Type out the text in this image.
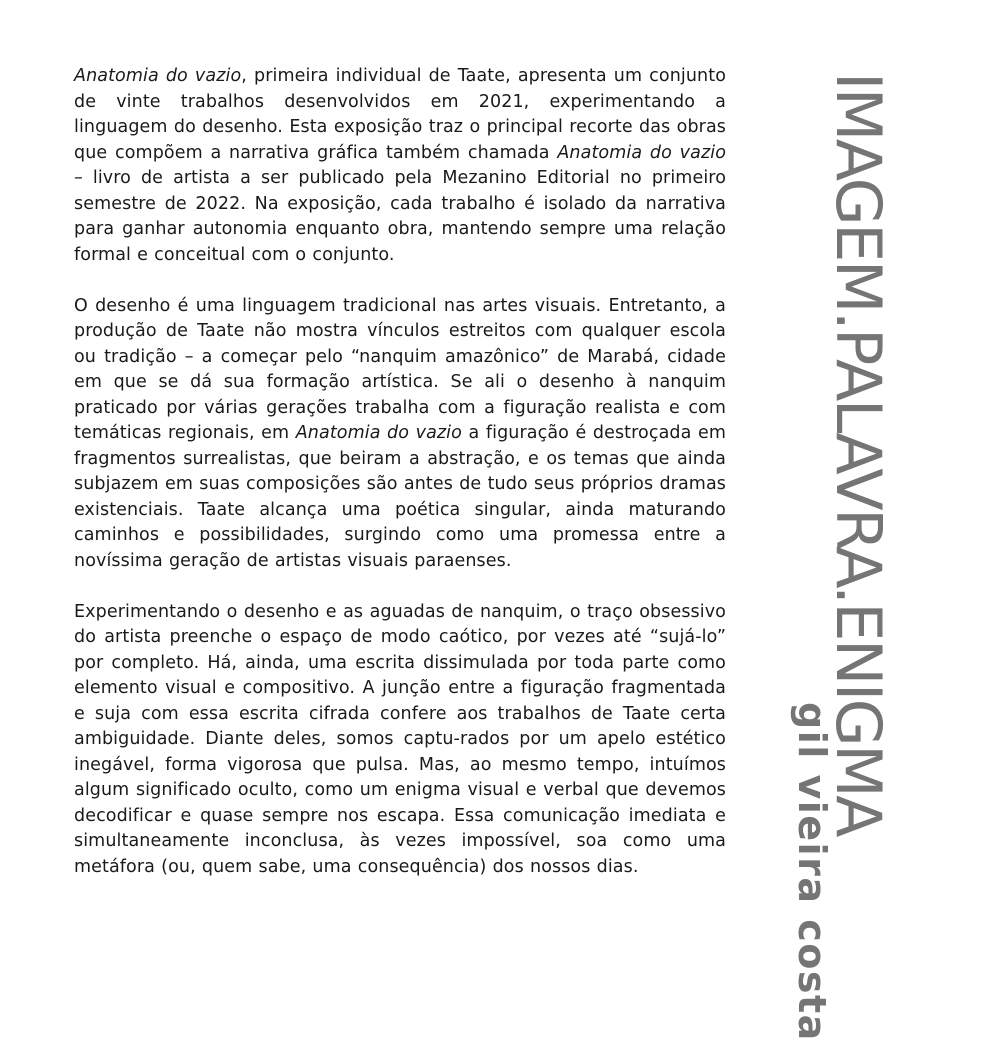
Anatomia do vazio, primeira individual de Taate, apresenta um conjunto de vinte trabalhos desenvolvidos em 2021, experimentando a linguagem do desenho. Esta exposição traz o principal recorte das obras que compõem a narrativa gráfica também chamada Anatomia do vazio – livro de artista a ser publicado pela Mezanino Editorial no primeiro semestre de 2022. Na exposição, cada trabalho é isolado da narrativa para ganhar autonomia enquanto obra, mantendo sempre uma relação formal e conceitual com o conjunto.

O desenho é uma linguagem tradicional nas artes visuais. Entretanto, a produção de Taate não mostra vínculos estreitos com qualquer escola ou tradição – a começar pelo “nanquim amazônico” de Marabá, cidade em que se dá sua formação artística. Se ali o desenho à nanquim praticado por várias gerações trabalha com a figuração realista e com temáticas regionais, em Anatomia do vazio a figuração é destroçada em fragmentos surrealistas, que beiram a abstração, e os temas que ainda subjazem em suas composições são antes de tudo seus próprios dramas existenciais. Taate alcança uma poética singular, ainda maturando caminhos e possibilidades, surgindo como uma promessa entre a novíssima geração de artistas visuais paraenses.

Experimentando o desenho e as aguadas de nanquim, o traço obsessivo do artista preenche o espaço de modo caótico, por vezes até “sujá-lo” por completo. Há, ainda, uma escrita dissimulada por toda parte como elemento visual e compositivo. A junção entre a figuração fragmentada e suja com essa escrita cifrada confere aos trabalhos de Taate certa ambiguidade. Diante deles, somos captu-rados por um apelo estético inegável, forma vigorosa que pulsa. Mas, ao mesmo tempo, intuímos algum significado oculto, como um enigma visual e verbal que devemos decodificar e quase sempre nos escapa. Essa comunicação imediata e simultaneamente inconclusa, às vezes impossível, soa como uma metáfora (ou, quem sabe, uma consequência) dos nossos dias.

IMAGEM.PALAVRA.ENIGMA
gil vieira costa
